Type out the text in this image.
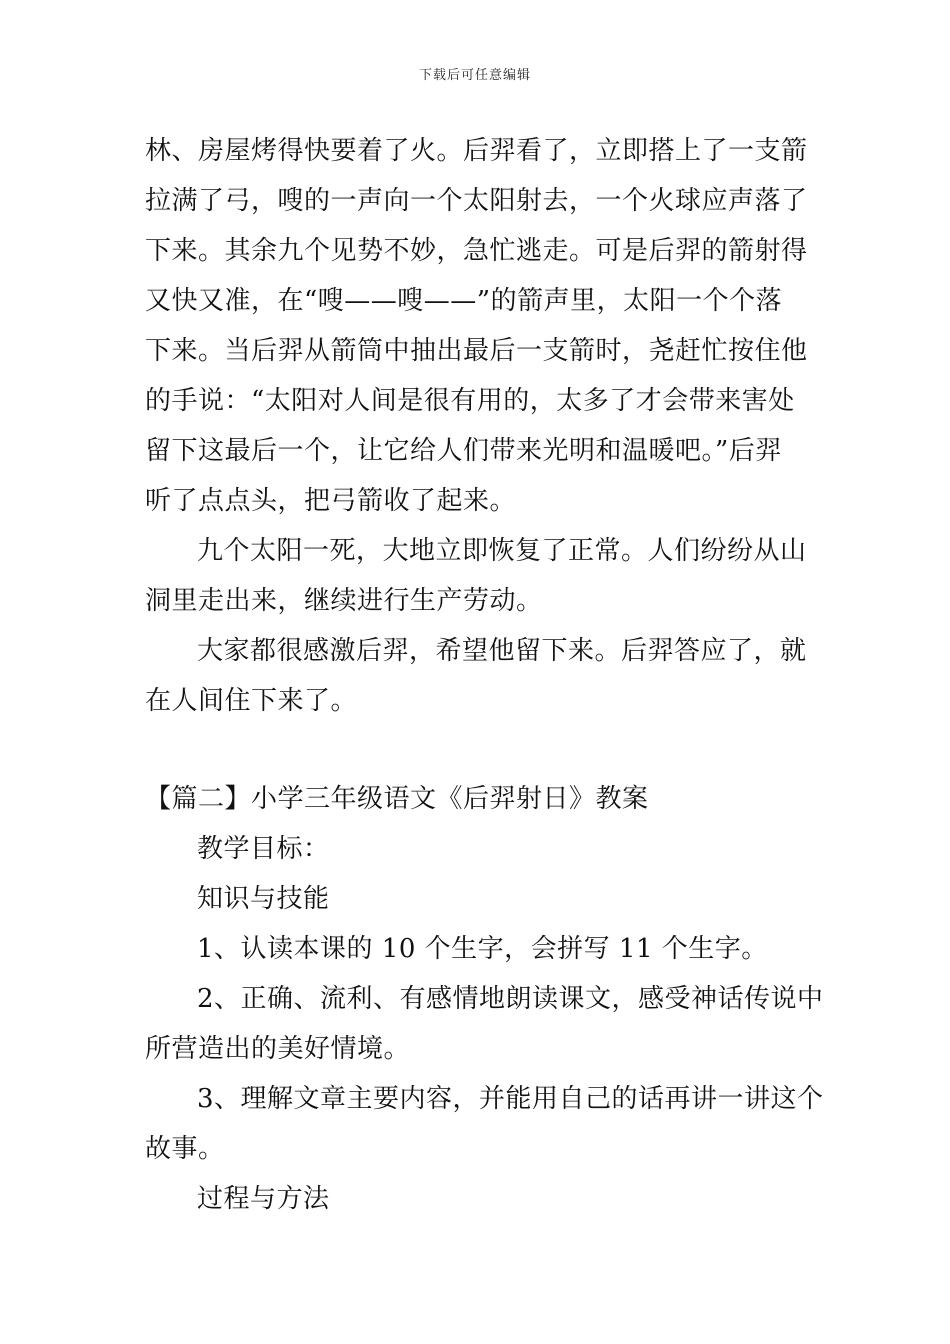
下载后可任意编辑
林、房屋烤得快要着了火。后羿看了，立即搭上了一支箭
拉满了弓，嗖的一声向一个太阳射去，一个火球应声落了
下来。其余九个见势不妙，急忙逃走。可是后羿的箭射得
又快又准，在“嗖——嗖——”的箭声里，太阳一个个落
下来。当后羿从箭筒中抽出最后一支箭时，尧赶忙按住他
的手说：“太阳对人间是很有用的，太多了才会带来害处
留下这最后一个，让它给人们带来光明和温暖吧。”后羿
听了点点头，把弓箭收了起来。
九个太阳一死，大地立即恢复了正常。人们纷纷从山
洞里走出来，继续进行生产劳动。
大家都很感激后羿，希望他留下来。后羿答应了，就
在人间住下来了。
【篇二】小学三年级语文《后羿射日》教案
教学目标：
知识与技能
1、认读本课的 10 个生字，会拼写 11 个生字。
2、正确、流利、有感情地朗读课文，感受神话传说中
所营造出的美好情境。
3、理解文章主要内容，并能用自己的话再讲一讲这个
故事。
过程与方法
